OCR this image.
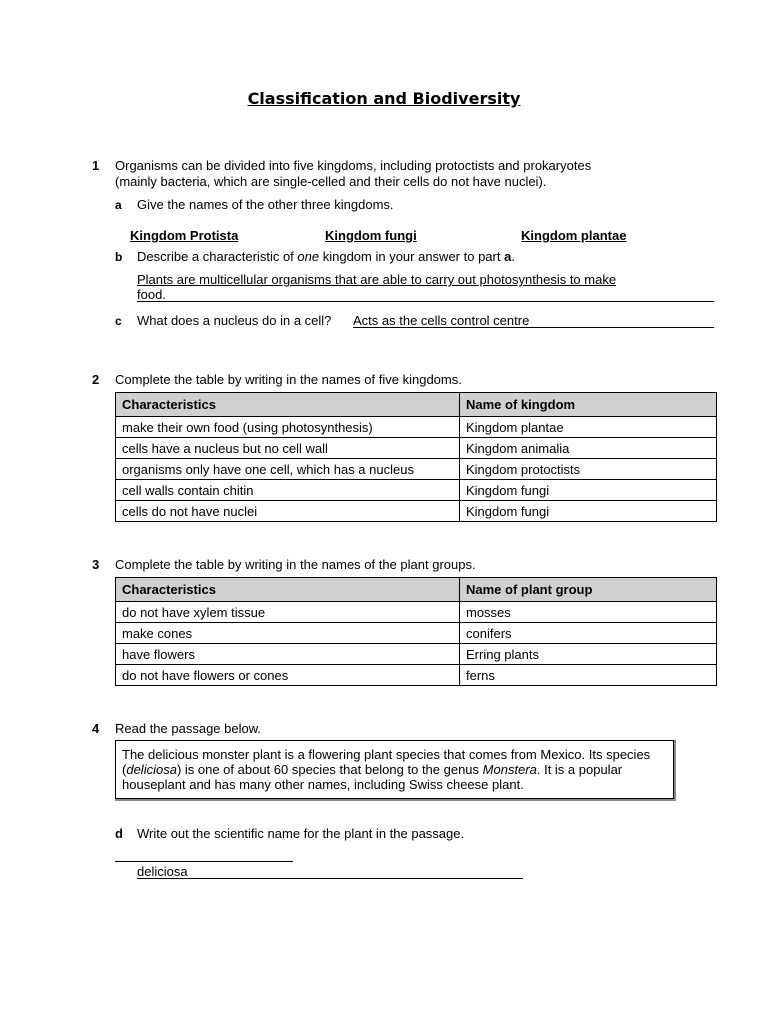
Classification and Biodiversity
1 Organisms can be divided into five kingdoms, including protoctists and prokaryotes
(mainly bacteria, which are single-celled and their cells do not have nuclei).
a Give the names of the other three kingdoms.
Kingdom Protista	Kingdom fungi	Kingdom plantae
b Describe a characteristic of one kingdom in your answer to part a.
Plants are multicellular organisms that are able to carry out photosynthesis to make
food.
c What does a nucleus do in a cell? Acts as the cells control centre
2 Complete the table by writing in the names of five kingdoms.
Characteristics	Name of kingdom
make their own food (using photosynthesis)	Kingdom plantae
cells have a nucleus but no cell wall	Kingdom animalia
organisms only have one cell, which has a nucleus	Kingdom protoctists
cell walls contain chitin	Kingdom fungi
cells do not have nuclei	Kingdom fungi
3 Complete the table by writing in the names of the plant groups.
Characteristics	Name of plant group
do not have xylem tissue	mosses
make cones	conifers
have flowers	Erring plants
do not have flowers or cones	ferns
4 Read the passage below.
The delicious monster plant is a flowering plant species that comes from Mexico. Its species (deliciosa) is one of about 60 species that belong to the genus Monstera. It is a popular houseplant and has many other names, including Swiss cheese plant.
d Write out the scientific name for the plant in the passage.
deliciosa
